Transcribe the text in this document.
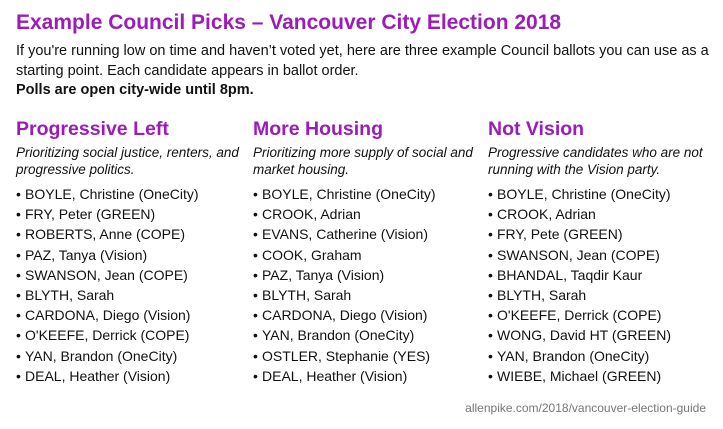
Example Council Picks – Vancouver City Election 2018

If you're running low on time and haven’t voted yet, here are three example Council ballots you can use as a starting point. Each candidate appears in ballot order.

Polls are open city-wide until 8pm.

Progressive Left

Prioritizing social justice, renters, and progressive politics.

• BOYLE, Christine (OneCity)
• FRY, Peter (GREEN)
• ROBERTS, Anne (COPE)
• PAZ, Tanya (Vision)
• SWANSON, Jean (COPE)
• BLYTH, Sarah
• CARDONA, Diego (Vision)
• O'KEEFE, Derrick (COPE)
• YAN, Brandon (OneCity)
• DEAL, Heather (Vision)
More Housing

Prioritizing more supply of social and market housing.

• BOYLE, Christine (OneCity)
• CROOK, Adrian
• EVANS, Catherine (Vision)
• COOK, Graham
• PAZ, Tanya (Vision)
• BLYTH, Sarah
• CARDONA, Diego (Vision)
• YAN, Brandon (OneCity)
• OSTLER, Stephanie (YES)
• DEAL, Heather (Vision)
Not Vision

Progressive candidates who are not running with the Vision party.

• BOYLE, Christine (OneCity)
• CROOK, Adrian
• FRY, Pete (GREEN)
• SWANSON, Jean (COPE)
• BHANDAL, Taqdir Kaur
• BLYTH, Sarah
• O'KEEFE, Derrick (COPE)
• WONG, David HT (GREEN)
• YAN, Brandon (OneCity)
• WIEBE, Michael (GREEN)
allenpike.com/2018/vancouver-election-guide
